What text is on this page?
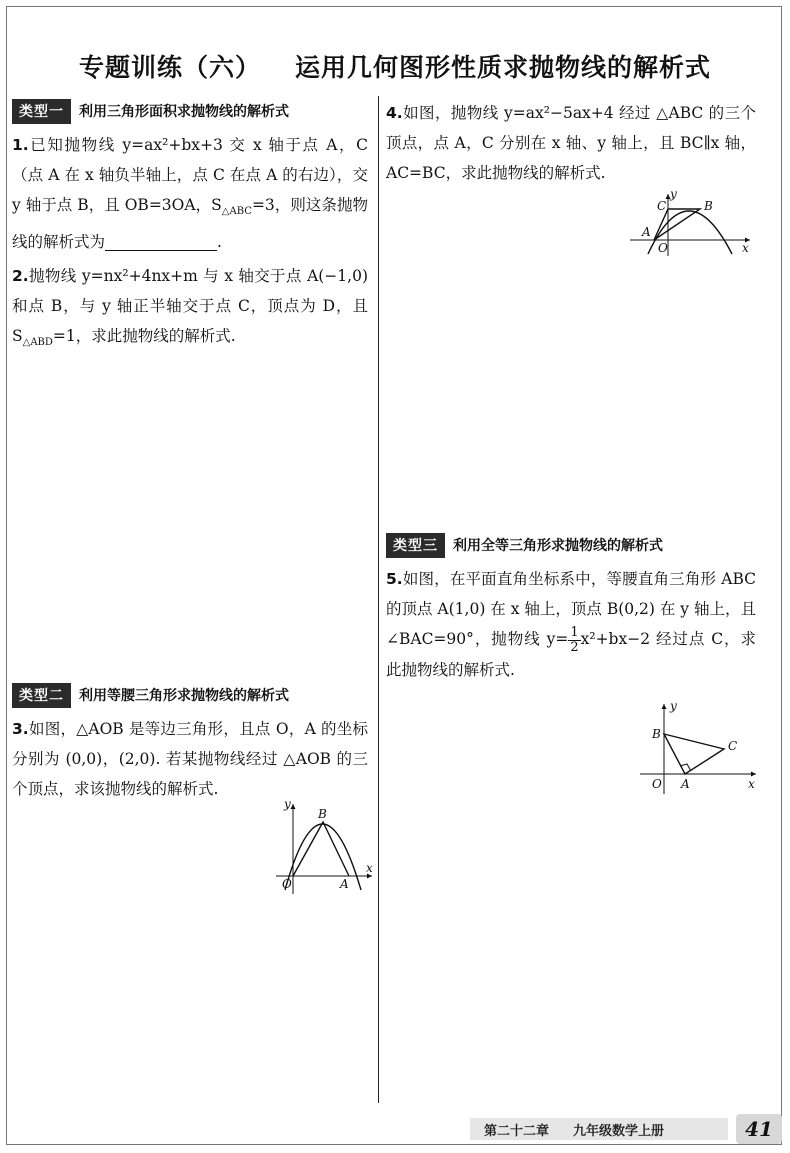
专题训练（六） 运用几何图形性质求抛物线的解析式
类型一	利用三角形面积求抛物线的解析式
1.已知抛物线 y=ax²+bx+3 交 x 轴于点 A，C（点 A 在 x 轴负半轴上，点 C 在点 A 的右边），交 y 轴于点 B，且 OB=3OA，$S_{\triangle ABC}=3$，则这条抛物线的解析式为	.
2.抛物线 y=nx²+4nx+m 与 x 轴交于点 A(−1,0) 和点 B，与 y 轴正半轴交于点 C，顶点为 D，且 $S_{\triangle ABD}=1$，求此抛物线的解析式.
类型二	利用等腰三角形求抛物线的解析式
3.如图，△AOB 是等边三角形，且点 O，A 的坐标分别为 (0,0)，(2,0). 若某抛物线经过 △AOB 的三个顶点，求该抛物线的解析式.
y
x
O	A
B
4.如图，抛物线 y=ax²−5ax+4 经过 △ABC 的三个顶点，点 A，C 分别在 x 轴、y 轴上，且 BC∥x 轴，AC=BC，求此抛物线的解析式.
类型三	利用全等三角形求抛物线的解析式
5.如图，在平面直角坐标系中，等腰直角三角形 ABC 的顶点 A(1,0) 在 x 轴上，顶点 B(0,2) 在 y 轴上，且 ∠BAC=90°，抛物线 $y= \frac{1}{2} x^2+bx-2$ 经过点 C，求此抛物线的解析式.
y
x
O
A
C	B
y
x
O A
B
C
第二十二章 九年级数学上册	41
